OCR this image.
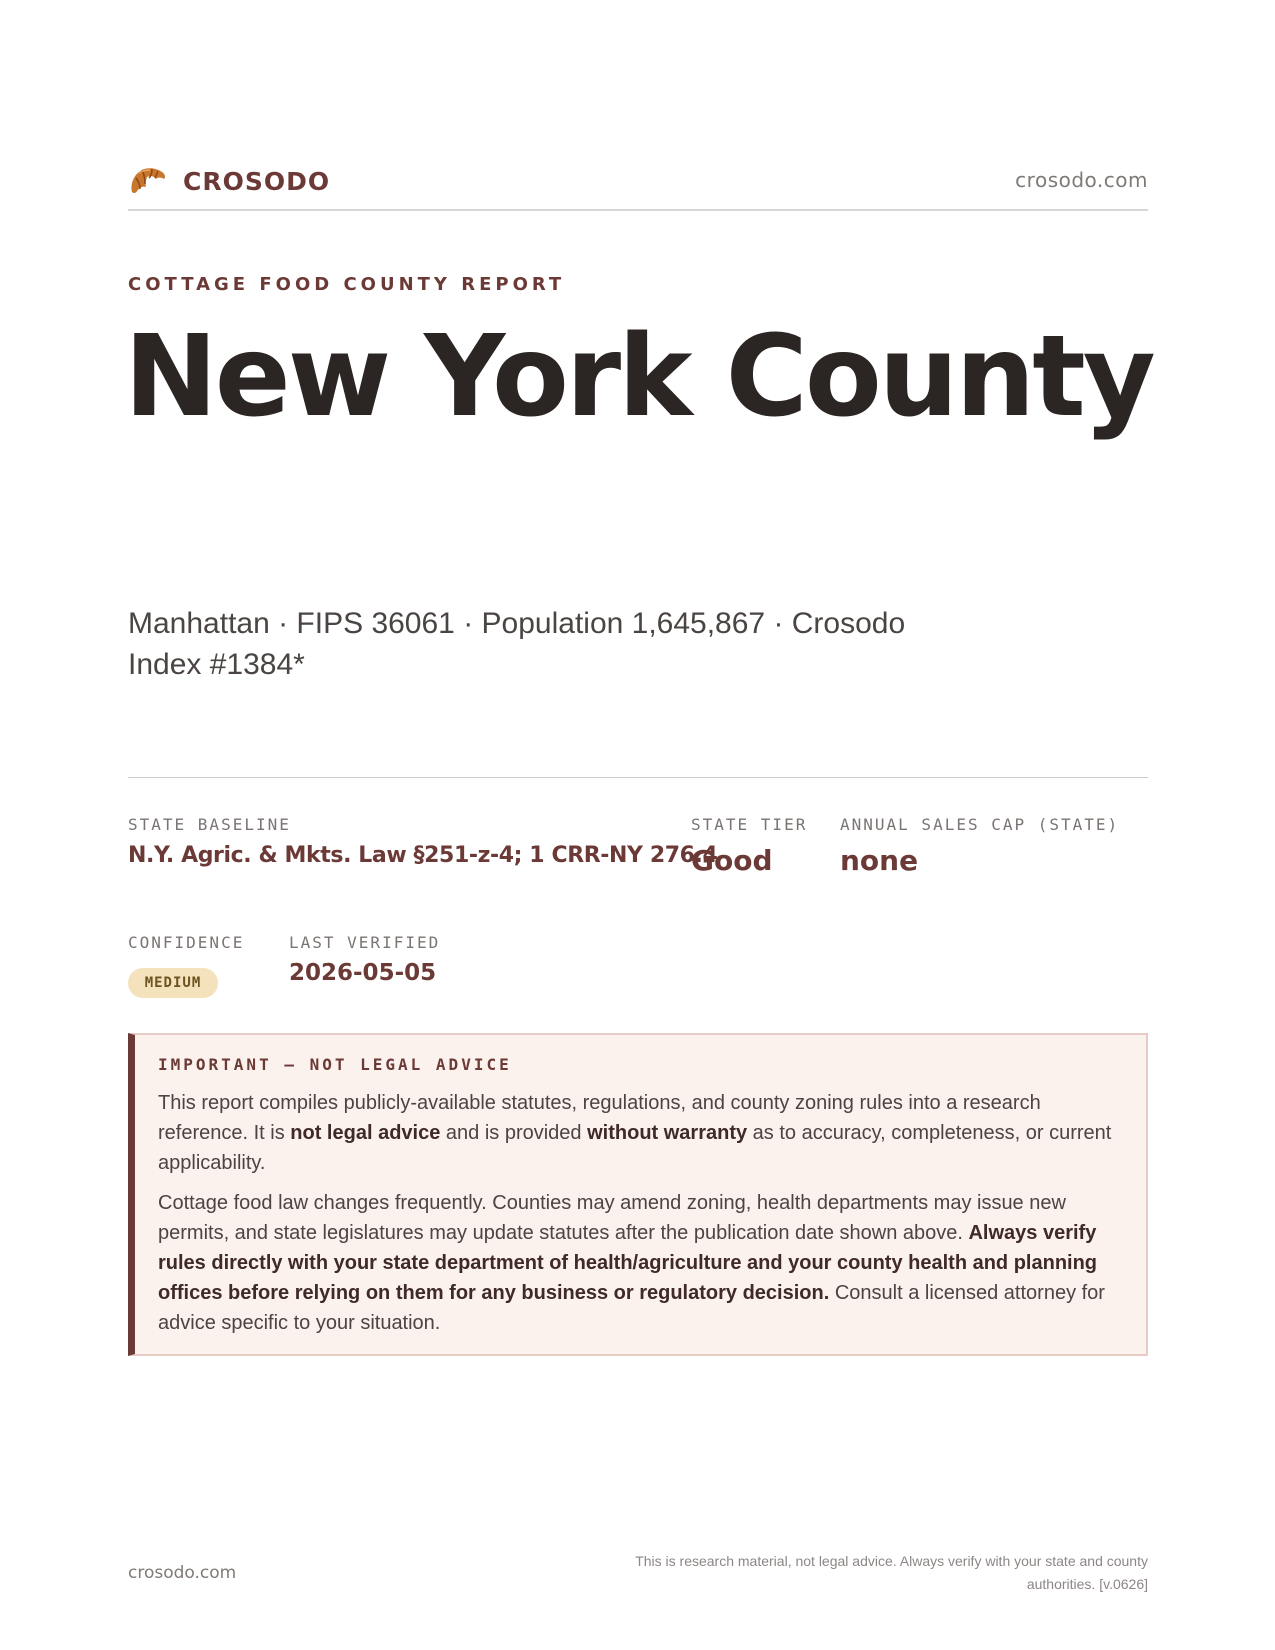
CROSODO	crosodo.com
COTTAGE FOOD COUNTY REPORT
New York County
Manhattan · FIPS 36061 · Population 1,645,867 · Crosodo Index #1384*
STATE BASELINE
N.Y. Agric. & Mkts. Law §251-z-4; 1 CRR-NY 276.4
STATE TIER
Good
ANNUAL SALES CAP (STATE)
none
CONFIDENCE
MEDIUM
LAST VERIFIED
2026-05-05
IMPORTANT — NOT LEGAL ADVICE

This report compiles publicly-available statutes, regulations, and county zoning rules into a research reference. It is not legal advice and is provided without warranty as to accuracy, completeness, or current applicability.

Cottage food law changes frequently. Counties may amend zoning, health departments may issue new permits, and state legislatures may update statutes after the publication date shown above. Always verify rules directly with your state department of health/agriculture and your county health and planning offices before relying on them for any business or regulatory decision. Consult a licensed attorney for advice specific to your situation.

crosodo.com
This is research material, not legal advice. Always verify with your state and county authorities. [v.0626]
